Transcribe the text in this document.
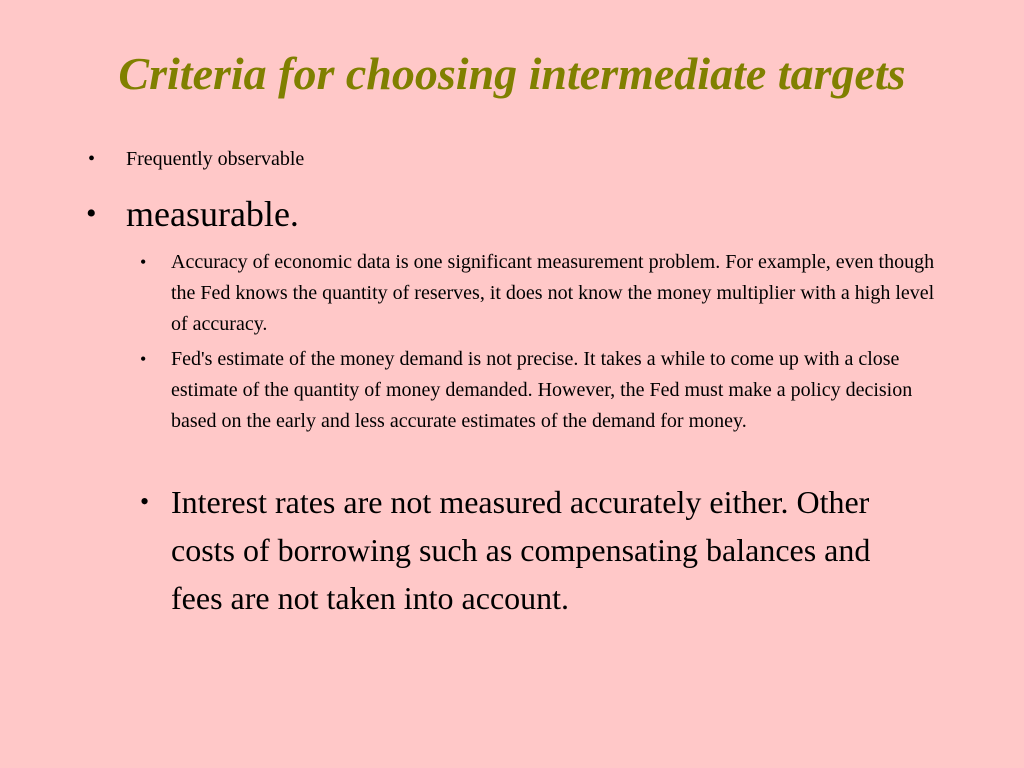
Criteria for choosing intermediate targets
•	Frequently observable
• measurable.
•	Accuracy of economic data is one significant measurement problem. For example, even though the Fed knows the quantity of reserves, it does not know the money multiplier with a high level of accuracy.
•	Fed's estimate of the money demand is not precise. It takes a while to come up with a close estimate of the quantity of money demanded. However, the Fed must make a policy decision based on the early and less accurate estimates of the demand for money.
• Interest rates are not measured accurately either. Other costs of borrowing such as compensating balances and fees are not taken into account.
